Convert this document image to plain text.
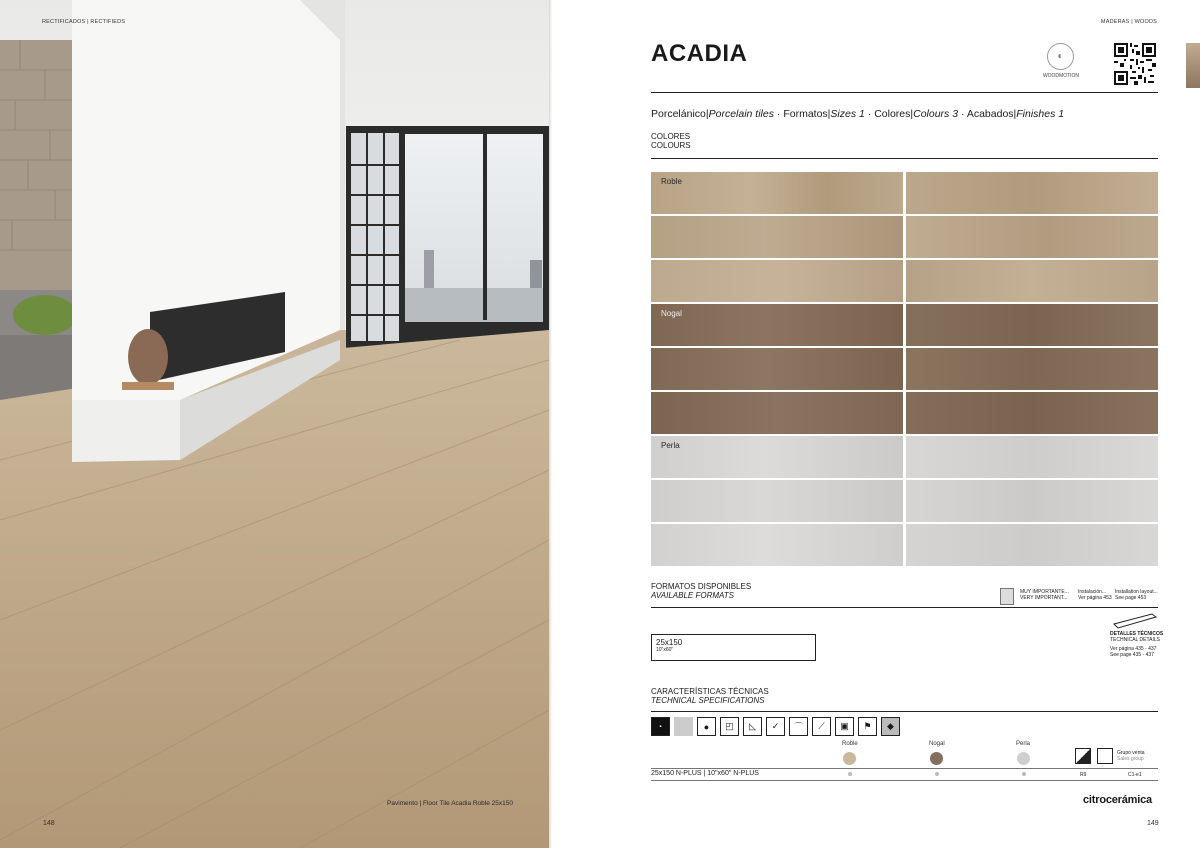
RECTIFICADOS | RECTIFIEDS
Pavimento | Floor Tile Acadia Roble 25x150
148
MADERAS | WOODS
ACADIA	◐
WOODMOTION
Porcelánico|Porcelain tiles · Formatos|Sizes 1 · Colores|Colours 3 · Acabados|Finishes 1
COLORES
COLOURS
Roble
Nogal
Perla
FORMATOS DISPONIBLES
AVAILABLE FORMATS	MUY IMPORTANTE...
VERY IMPORTANT...
Instalación...
Ver página 453
Installation layout...
See page 453
25x150
10"x60"
DETALLES TÉCNICOS
TECHNICAL DETAILS
Ver página 435 - 437
See page 435 - 437
CARACTERÍSTICAS TÉCNICAS
TECHNICAL SPECIFICATIONS
▪	●	◰	◺	✓	⌒	⟋	▣	⚑	◆
Roble	Nogal	Perla
Grupo venta
Sales group
25x150 N-PLUS | 10"x60" N-PLUS	R9	C1-e1
citrocerámica
149
